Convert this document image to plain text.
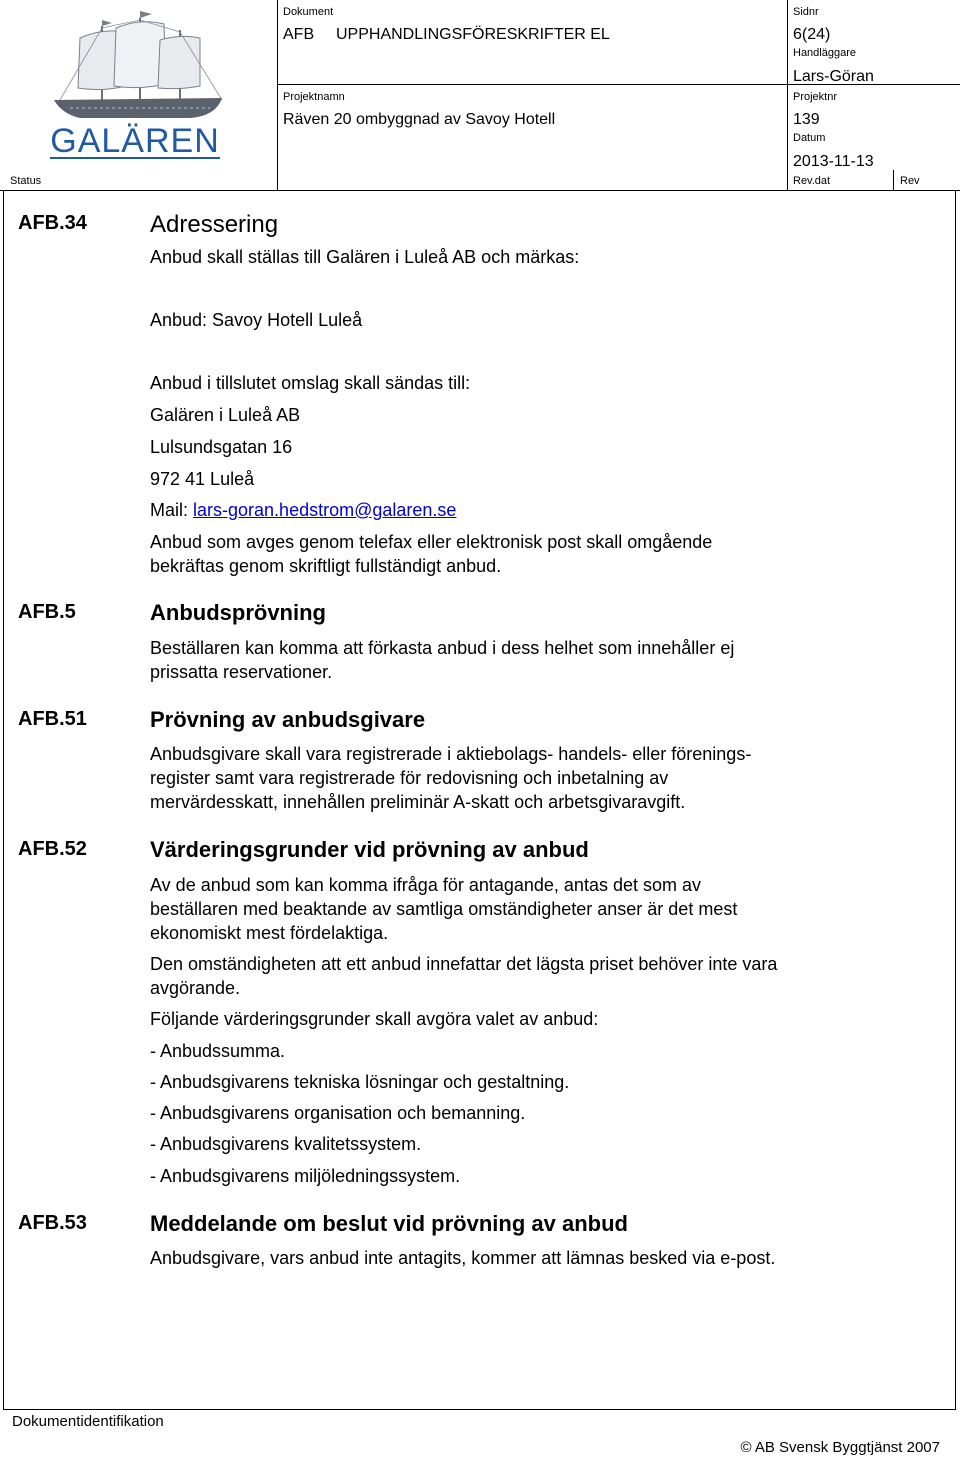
GALÄREN
Dokument
AFB UPPHANDLINGSFÖRESKRIFTER EL
Projektnamn
Räven 20 ombyggnad av Savoy Hotell
Sidnr
6(24)
Handläggare
Lars-Göran
Projektnr
139
Datum
2013-11-13
Status	Rev.dat	Rev
AFB.34	Adressering
Anbud skall ställas till Galären i Luleå AB och märkas:
Anbud: Savoy Hotell Luleå
Anbud i tillslutet omslag skall sändas till:
Galären i Luleå AB
Lulsundsgatan 16
972 41 Luleå
Mail: lars-goran.hedstrom@galaren.se
Anbud som avges genom telefax eller elektronisk post skall omgående
bekräftas genom skriftligt fullständigt anbud.
AFB.5	Anbudsprövning
Beställaren kan komma att förkasta anbud i dess helhet som innehåller ej
prissatta reservationer.
AFB.51	Prövning av anbudsgivare
Anbudsgivare skall vara registrerade i aktiebolags- handels- eller förenings-
register samt vara registrerade för redovisning och inbetalning av
mervärdesskatt, innehållen preliminär A-skatt och arbetsgivaravgift.
AFB.52	Värderingsgrunder vid prövning av anbud
Av de anbud som kan komma ifråga för antagande, antas det som av
beställaren med beaktande av samtliga omständigheter anser är det mest
ekonomiskt mest fördelaktiga.
Den omständigheten att ett anbud innefattar det lägsta priset behöver inte vara
avgörande.
Följande värderingsgrunder skall avgöra valet av anbud:
- Anbudssumma.
- Anbudsgivarens tekniska lösningar och gestaltning.
- Anbudsgivarens organisation och bemanning.
- Anbudsgivarens kvalitetssystem.
- Anbudsgivarens miljöledningssystem.
AFB.53	Meddelande om beslut vid prövning av anbud
Anbudsgivare, vars anbud inte antagits, kommer att lämnas besked via e-post.
Dokumentidentifikation
© AB Svensk Byggtjänst 2007
